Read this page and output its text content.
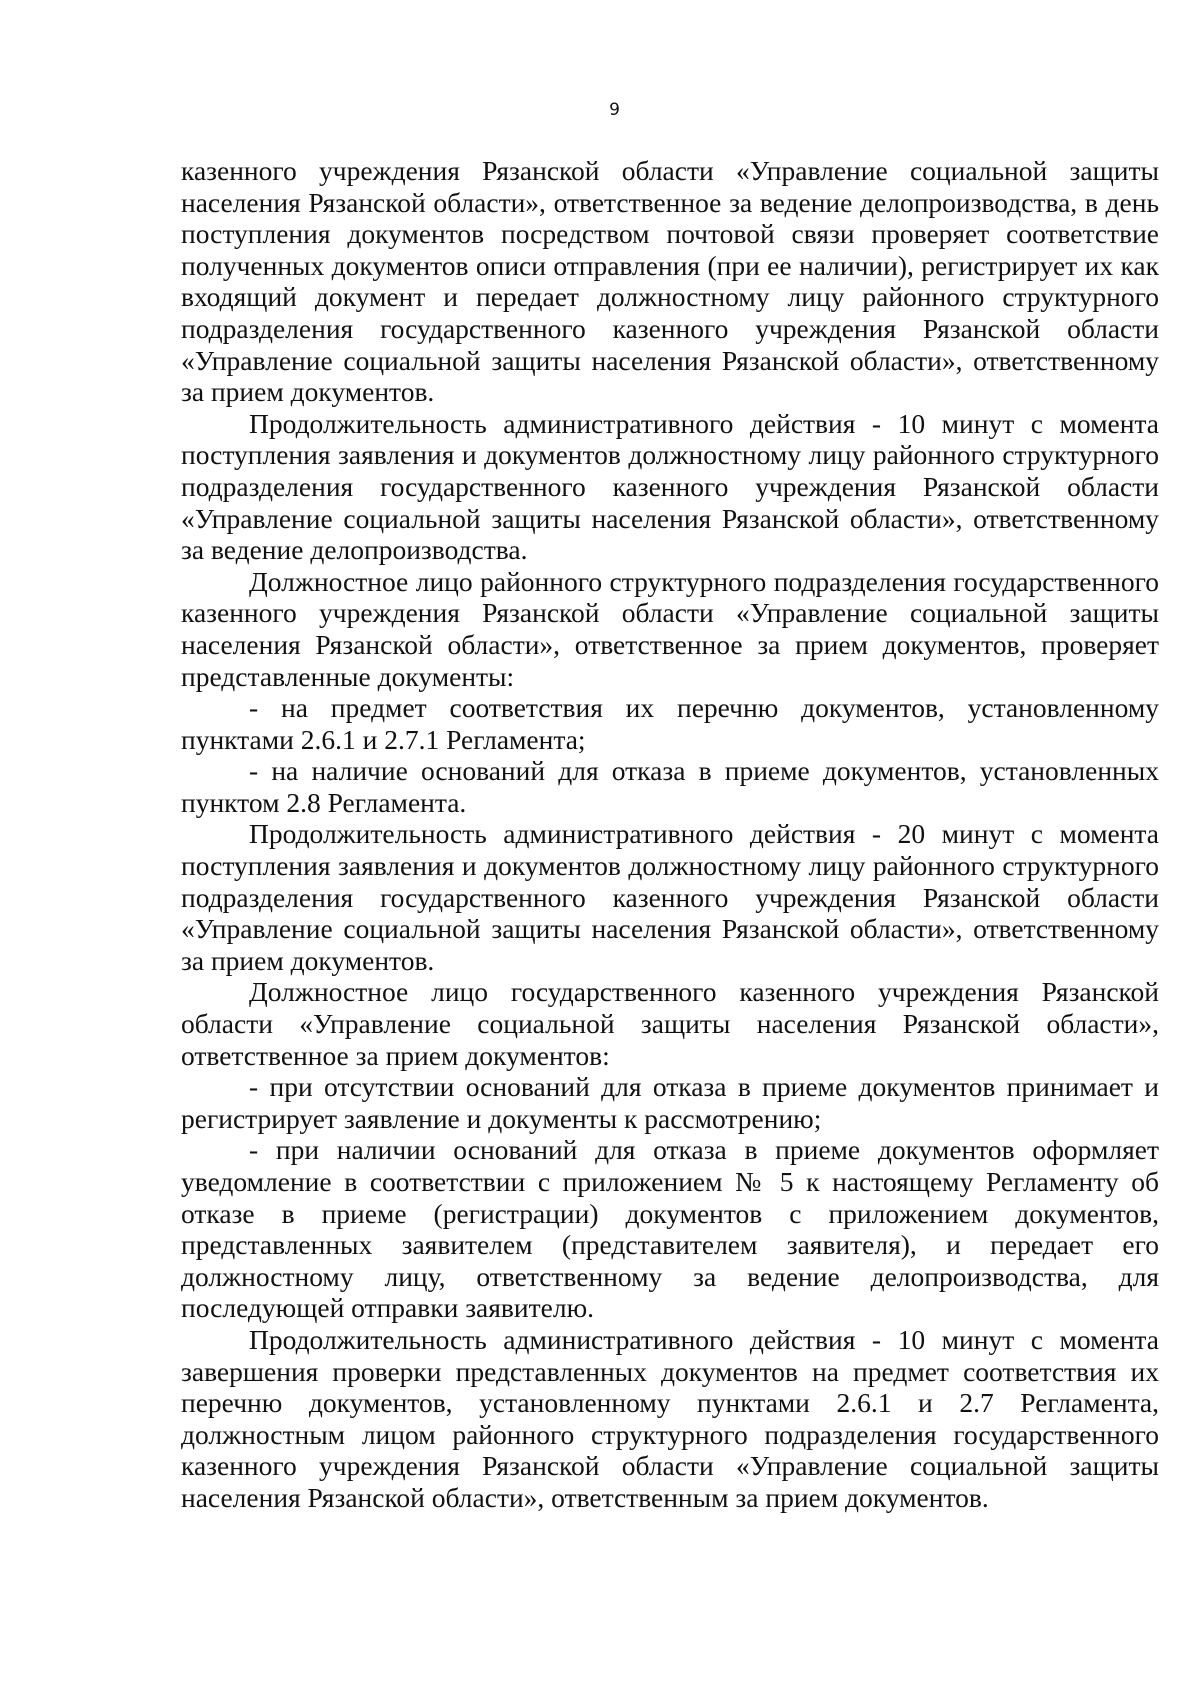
9

казенного учреждения Рязанской области «Управление социальной защиты населения Рязанской области», ответственное за ведение делопроизводства, в день поступления документов посредством почтовой связи проверяет соответствие полученных документов описи отправления (при ее наличии), регистрирует их как входящий документ и передает должностному лицу районного структурного подразделения государственного казенного учреждения Рязанской области «Управление социальной защиты населения Рязанской области», ответственному за прием документов.

Продолжительность административного действия - 10 минут с момента поступления заявления и документов должностному лицу районного структурного подразделения государственного казенного учреждения Рязанской области «Управление социальной защиты населения Рязанской области», ответственному за ведение делопроизводства.

Должностное лицо районного структурного подразделения государственного казенного учреждения Рязанской области «Управление социальной защиты населения Рязанской области», ответственное за прием документов, проверяет представленные документы:

- на предмет соответствия их перечню документов, установленному пунктами 2.6.1 и 2.7.1 Регламента;

- на наличие оснований для отказа в приеме документов, установленных пунктом 2.8 Регламента.

Продолжительность административного действия - 20 минут с момента поступления заявления и документов должностному лицу районного структурного подразделения государственного казенного учреждения Рязанской области «Управление социальной защиты населения Рязанской области», ответственному за прием документов.

Должностное лицо государственного казенного учреждения Рязанской области «Управление социальной защиты населения Рязанской области», ответственное за прием документов:

- при отсутствии оснований для отказа в приеме документов принимает и регистрирует заявление и документы к рассмотрению;

- при наличии оснований для отказа в приеме документов оформляет уведомление в соответствии с приложением № 5 к настоящему Регламенту об отказе в приеме (регистрации) документов с приложением документов, представленных заявителем (представителем заявителя), и передает его должностному лицу, ответственному за ведение делопроизводства, для последующей отправки заявителю.

Продолжительность административного действия - 10 минут с момента завершения проверки представленных документов на предмет соответствия их перечню документов, установленному пунктами 2.6.1 и 2.7 Регламента, должностным лицом районного структурного подразделения государственного казенного учреждения Рязанской области «Управление социальной защиты населения Рязанской области», ответственным за прием документов.
